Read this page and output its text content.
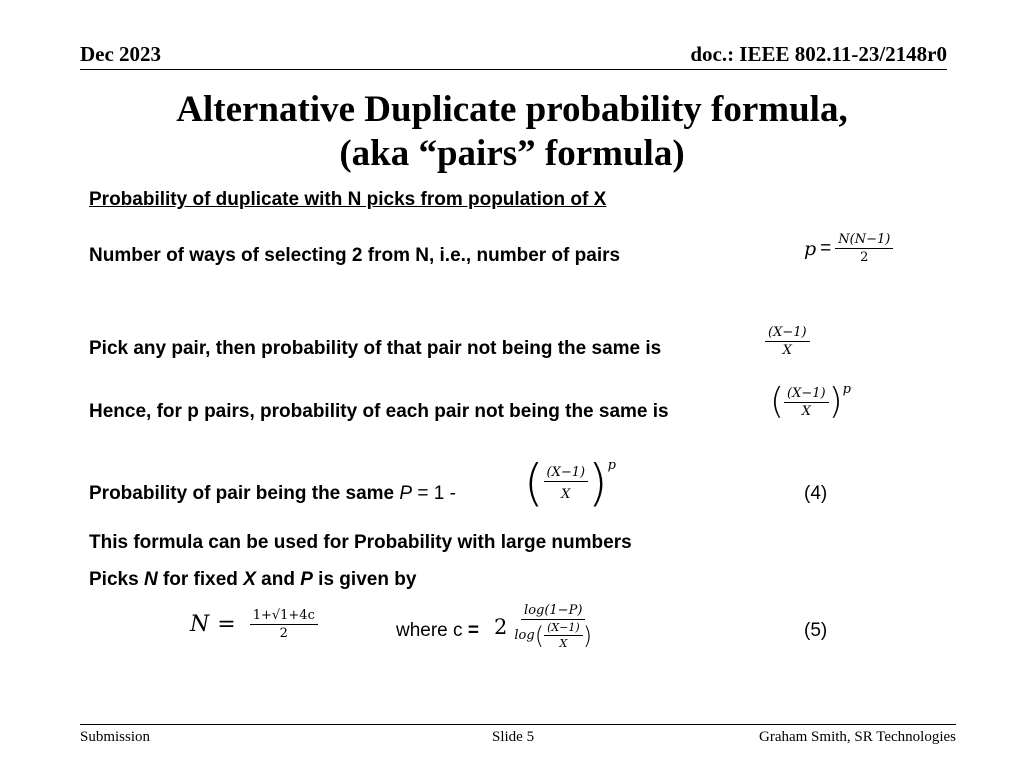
Dec 2023	doc.: IEEE 802.11-23/2148r0
Alternative Duplicate probability formula,
(aka “pairs” formula)
Probability of duplicate with N picks from population of X
Number of ways of selecting 2 from N, i.e., number of pairs	$p = \frac{N(N-1)}{2}$
Pick any pair, then probability of that pair not being the same is	$\frac{(X-1)}{X}$
Hence, for p pairs, probability of each pair not being the same is	( $\frac{(X-1)}{X}$ ) p
Probability of pair being the same P = 1 - ( $\frac{(X-1)}{X}$ ) p
(4)
This formula can be used for Probability with large numbers
Picks N for fixed X and P is given by
$N = \frac{1+√1+4c}{2}$	where $c = 2 \frac{\log(1-P)}{\log ( \frac{(X-1)}{X} )}$	(5)
Submission	Slide 5	Graham Smith, SR Technologies
